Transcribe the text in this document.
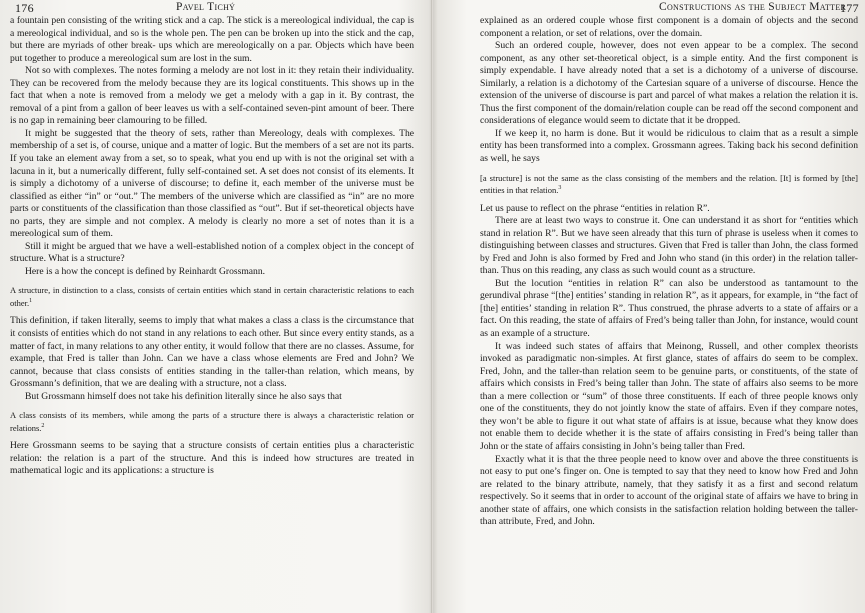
176	Pavel Tichý

a fountain pen consisting of the writing stick and a cap. The stick is a mereological individual, the cap is a mereological individual, and so is the whole pen. The pen can be broken up into the stick and the cap, but there are myriads of other break- ups which are mereologically on a par. Objects which have been put together to produce a mereological sum are lost in the sum.

Not so with complexes. The notes forming a melody are not lost in it: they retain their individuality. They can be recovered from the melody because they are its logical constituents. This shows up in the fact that when a note is removed from a melody we get a melody with a gap in it. By contrast, the removal of a pint from a gallon of beer leaves us with a self-contained seven-pint amount of beer. There is no gap in remaining beer clamouring to be filled.

It might be suggested that the theory of sets, rather than Mereology, deals with complexes. The membership of a set is, of course, unique and a matter of logic. But the members of a set are not its parts. If you take an element away from a set, so to speak, what you end up with is not the original set with a lacuna in it, but a numerically different, fully self-contained set. A set does not consist of its elements. It is simply a dichotomy of a universe of discourse; to define it, each member of the universe must be classified as either “in” or “out.” The members of the universe which are classified as “in” are no more parts or constituents of the classification than those classified as “out”. But if set-theoretical objects have no parts, they are simple and not complex. A melody is clearly no more a set of notes than it is a mereological sum of them.

Still it might be argued that we have a well-established notion of a complex object in the concept of structure. What is a structure?

Here is a how the concept is defined by Reinhardt Grossmann.

A structure, in distinction to a class, consists of certain entities which stand in certain characteristic relations to each other.$^1$

This definition, if taken literally, seems to imply that what makes a class a class is the circumstance that it consists of entities which do not stand in any relations to each other. But since every entity stands, as a matter of fact, in many relations to any other entity, it would follow that there are no classes. Assume, for example, that Fred is taller than John. Can we have a class whose elements are Fred and John? We cannot, because that class consists of entities standing in the taller-than relation, which means, by Grossmann’s definition, that we are dealing with a structure, not a class.

But Grossmann himself does not take his definition literally since he also says that

A class consists of its members, while among the parts of a structure there is always a characteristic relation or relations.$^2$

Here Grossmann seems to be saying that a structure consists of certain entities plus a characteristic relation: the relation is a part of the structure. And this is indeed how structures are treated in mathematical logic and its applications: a structure is

Constructions as the Subject Matter
177

explained as an ordered couple whose first component is a domain of objects and the second component a relation, or set of relations, over the domain.

Such an ordered couple, however, does not even appear to be a complex. The second component, as any other set-theoretical object, is a simple entity. And the first component is simply expendable. I have already noted that a set is a dichotomy of a universe of discourse. Similarly, a relation is a dichotomy of the Cartesian square of a universe of discourse. Hence the extension of the universe of discourse is part and parcel of what makes a relation the relation it is. Thus the first component of the domain/relation couple can be read off the second component and considerations of elegance would seem to dictate that it be dropped.

If we keep it, no harm is done. But it would be ridiculous to claim that as a result a simple entity has been transformed into a complex. Grossmann agrees. Taking back his second definition as well, he says

[a structure] is not the same as the class consisting of the members and the relation. [It] is formed by [the] entities in that relation.$^3$

Let us pause to reflect on the phrase “entities in relation R”.

There are at least two ways to construe it. One can understand it as short for “entities which stand in relation R”. But we have seen already that this turn of phrase is useless when it comes to distinguishing between classes and structures. Given that Fred is taller than John, the class formed by Fred and John is also formed by Fred and John who stand (in this order) in the relation taller-than. Thus on this reading, any class as such would count as a structure.

But the locution “entities in relation R” can also be understood as tantamount to the gerundival phrase “[the] entities’ standing in relation R”, as it appears, for example, in “the fact of [the] entities’ standing in relation R”. Thus construed, the phrase adverts to a state of affairs or a fact. On this reading, the state of affairs of Fred’s being taller than John, for instance, would count as an example of a structure.

It was indeed such states of affairs that Meinong, Russell, and other complex theorists invoked as paradigmatic non-simples. At first glance, states of affairs do seem to be complex. Fred, John, and the taller-than relation seem to be genuine parts, or constituents, of the state of affairs which consists in Fred’s being taller than John. The state of affairs also seems to be more than a mere collection or “sum” of those three constituents. If each of three people knows only one of the constituents, they do not jointly know the state of affairs. Even if they compare notes, they won’t be able to figure it out what state of affairs is at issue, because what they know does not enable them to decide whether it is the state of affairs consisting in Fred’s being taller than John or the state of affairs consisting in John’s being taller than Fred.

Exactly what it is that the three people need to know over and above the three constituents is not easy to put one’s finger on. One is tempted to say that they need to know how Fred and John are related to the binary attribute, namely, that they satisfy it as a first and second relatum respectively. So it seems that in order to account of the original state of affairs we have to bring in another state of affairs, one which consists in the satisfaction relation holding between the taller-than attribute, Fred, and John.
